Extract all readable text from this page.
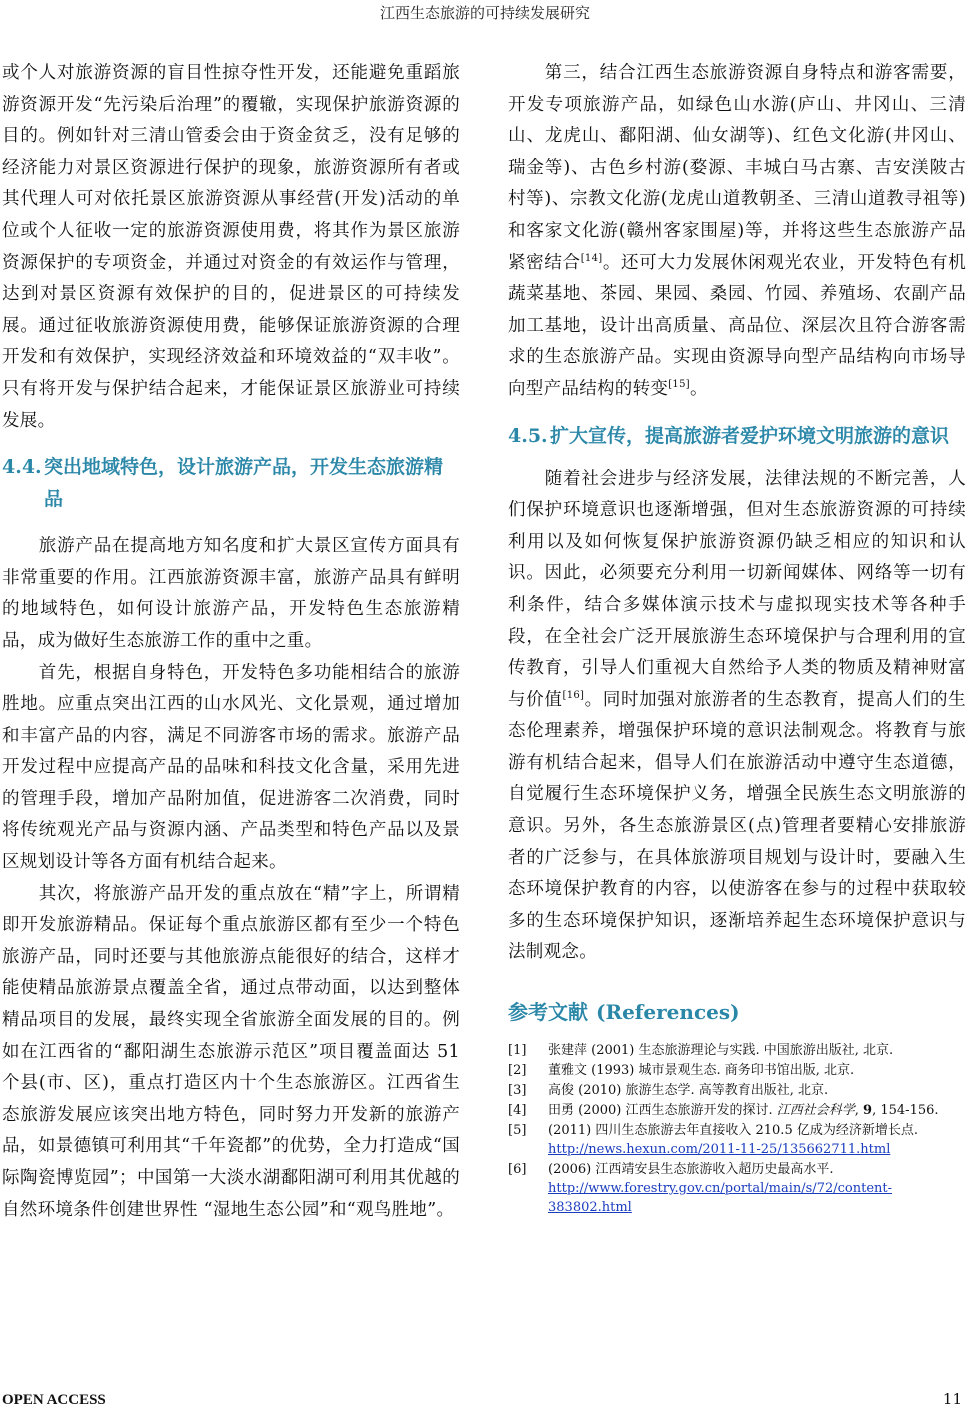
江西生态旅游的可持续发展研究

或个人对旅游资源的盲目性掠夺性开发，还能避免重蹈旅游资源开发“先污染后治理”的覆辙，实现保护旅游资源的目的。例如针对三清山管委会由于资金贫乏，没有足够的经济能力对景区资源进行保护的现象，旅游资源所有者或其代理人可对依托景区旅游资源从事经营(开发)活动的单位或个人征收一定的旅游资源使用费，将其作为景区旅游资源保护的专项资金，并通过对资金的有效运作与管理，达到对景区资源有效保护的目的，促进景区的可持续发展。通过征收旅游资源使用费，能够保证旅游资源的合理开发和有效保护，实现经济效益和环境效益的“双丰收”。只有将开发与保护结合起来，才能保证景区旅游业可持续发展。

4.4. 突出地域特色，设计旅游产品，开发生态旅游精品

旅游产品在提高地方知名度和扩大景区宣传方面具有非常重要的作用。江西旅游资源丰富，旅游产品具有鲜明的地域特色，如何设计旅游产品，开发特色生态旅游精品，成为做好生态旅游工作的重中之重。

首先，根据自身特色，开发特色多功能相结合的旅游胜地。应重点突出江西的山水风光、文化景观，通过增加和丰富产品的内容，满足不同游客市场的需求。旅游产品开发过程中应提高产品的品味和科技文化含量，采用先进的管理手段，增加产品附加值，促进游客二次消费，同时将传统观光产品与资源内涵、产品类型和特色产品以及景区规划设计等各方面有机结合起来。

其次，将旅游产品开发的重点放在“精”字上，所谓精即开发旅游精品。保证每个重点旅游区都有至少一个特色旅游产品，同时还要与其他旅游点能很好的结合，这样才能使精品旅游景点覆盖全省，通过点带动面，以达到整体精品项目的发展，最终实现全省旅游全面发展的目的。例如在江西省的“鄱阳湖生态旅游示范区”项目覆盖面达 51 个县(市、区)，重点打造区内十个生态旅游区。江西省生态旅游发展应该突出地方特色，同时努力开发新的旅游产品，如景德镇可利用其“千年瓷都”的优势，全力打造成“国际陶瓷博览园”；中国第一大淡水湖鄱阳湖可利用其优越的自然环境条件创建世界性 “湿地生态公园”和“观鸟胜地”。

第三，结合江西生态旅游资源自身特点和游客需要，开发专项旅游产品，如绿色山水游(庐山、井冈山、三清山、龙虎山、鄱阳湖、仙女湖等)、红色文化游(井冈山、瑞金等)、古色乡村游(婺源、丰城白马古寨、吉安渼陂古村等)、宗教文化游(龙虎山道教朝圣、三清山道教寻祖等)和客家文化游(赣州客家围屋)等，并将这些生态旅游产品紧密结合[14]。还可大力发展休闲观光农业，开发特色有机蔬菜基地、茶园、果园、桑园、竹园、养殖场、农副产品加工基地，设计出高质量、高品位、深层次且符合游客需求的生态旅游产品。实现由资源导向型产品结构向市场导向型产品结构的转变[15]。

4.5. 扩大宣传，提高旅游者爱护环境文明旅游的意识

随着社会进步与经济发展，法律法规的不断完善，人们保护环境意识也逐渐增强，但对生态旅游资源的可持续利用以及如何恢复保护旅游资源仍缺乏相应的知识和认识。因此，必须要充分利用一切新闻媒体、网络等一切有利条件，结合多媒体演示技术与虚拟现实技术等各种手段，在全社会广泛开展旅游生态环境保护与合理利用的宣传教育，引导人们重视大自然给予人类的物质及精神财富与价值[16]。同时加强对旅游者的生态教育，提高人们的生态伦理素养，增强保护环境的意识法制观念。将教育与旅游有机结合起来，倡导人们在旅游活动中遵守生态道德，自觉履行生态环境保护义务，增强全民族生态文明旅游的意识。另外，各生态旅游景区(点)管理者要精心安排旅游者的广泛参与，在具体旅游项目规划与设计时，要融入生态环境保护教育的内容，以使游客在参与的过程中获取较多的生态环境保护知识，逐渐培养起生态环境保护意识与法制观念。

参考文献 (References)
[1]	张建萍 (2001) 生态旅游理论与实践. 中国旅游出版社, 北京.
[2]	董雅文 (1993) 城市景观生态. 商务印书馆出版, 北京.
[3]	高俊 (2010) 旅游生态学. 高等教育出版社, 北京.
[4]	田勇 (2000) 江西生态旅游开发的探讨. 江西社会科学, 9, 154-156.
[5]	(2011) 四川生态旅游去年直接收入 210.5 亿成为经济新增长点. http://news.hexun.com/2011-11-25/135662711.html
[6]	(2006) 江西靖安县生态旅游收入超历史最高水平.
http://www.forestry.gov.cn/portal/main/s/72/content-383802.html
OPEN ACCESS	11
